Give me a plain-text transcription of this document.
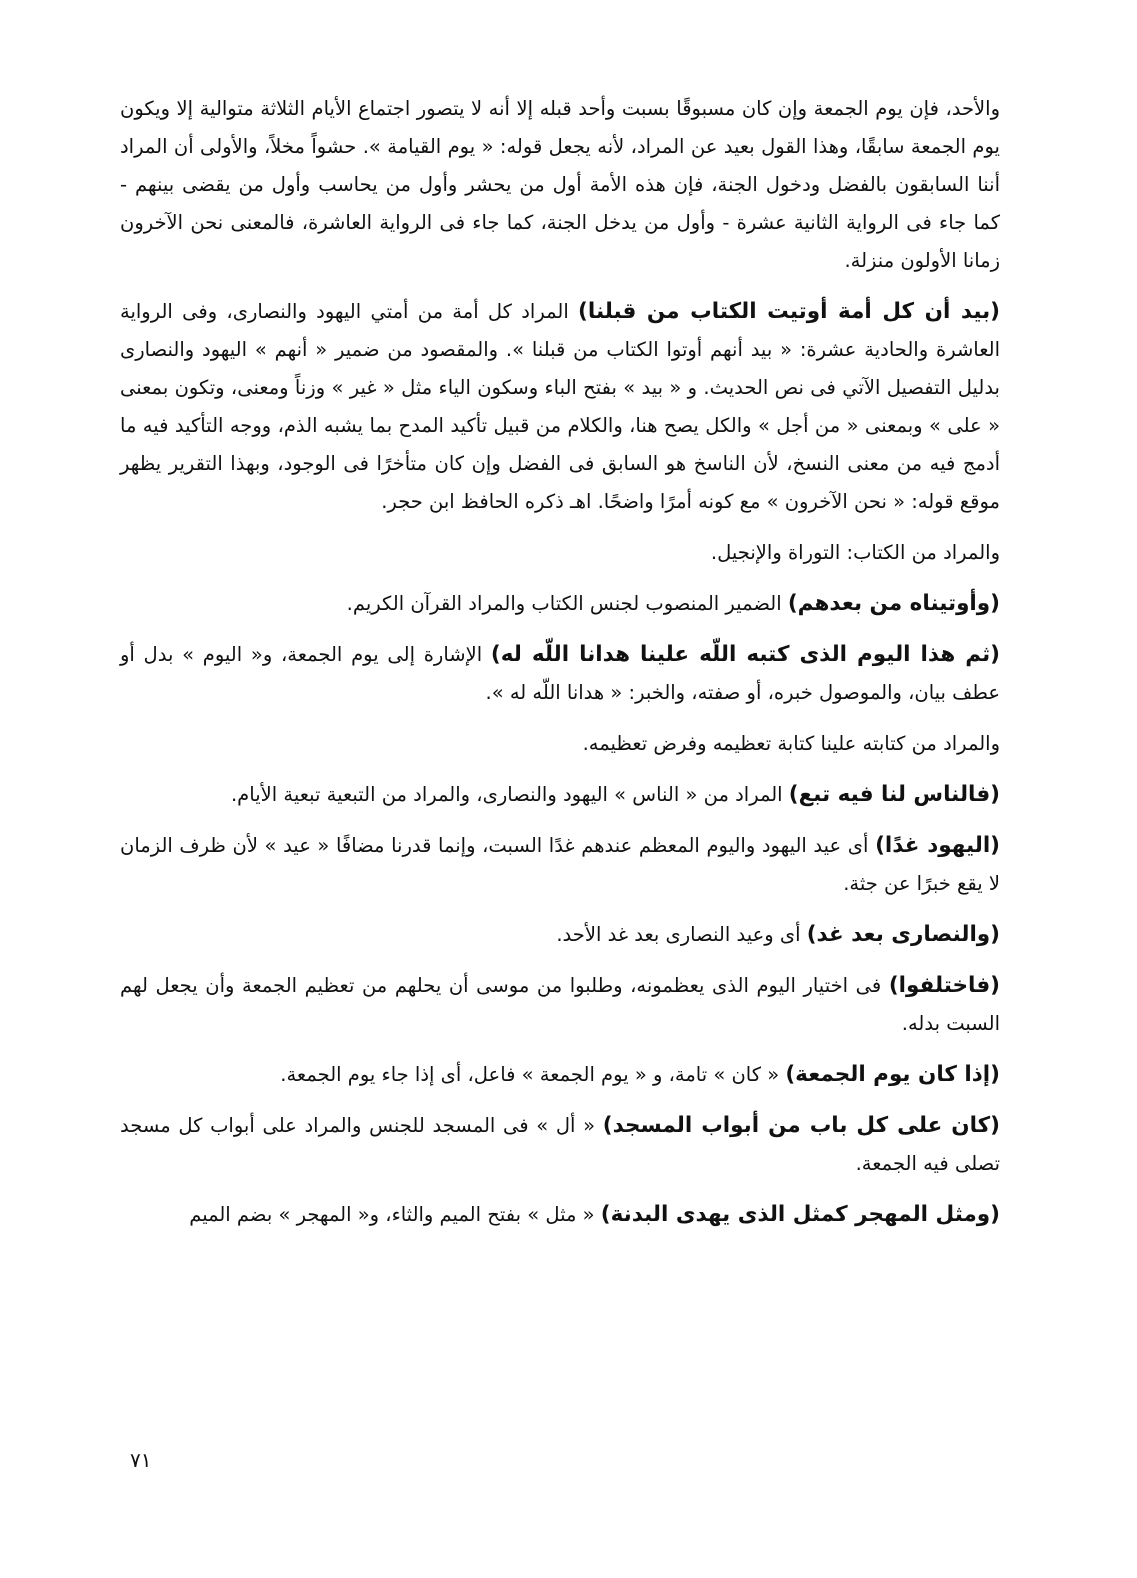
والأحد، فإن يوم الجمعة وإن كان مسبوقًا بسبت وأحد قبله إلا أنه لا يتصور اجتماع الأيام الثلاثة متوالية إلا ويكون يوم الجمعة سابقًا، وهذا القول بعيد عن المراد، لأنه يجعل قوله: « يوم القيامة ». حشواً مخلاً، والأولى أن المراد أننا السابقون بالفضل ودخول الجنة، فإن هذه الأمة أول من يحشر وأول من يحاسب وأول من يقضى بينهم - كما جاء فى الرواية الثانية عشرة - وأول من يدخل الجنة، كما جاء فى الرواية العاشرة، فالمعنى نحن الآخرون زمانا الأولون منزلة.

(بيد أن كل أمة أوتيت الكتاب من قبلنا) المراد كل أمة من أمتي اليهود والنصارى، وفى الرواية العاشرة والحادية عشرة: « بيد أنهم أوتوا الكتاب من قبلنا ». والمقصود من ضمير « أنهم » اليهود والنصارى بدليل التفصيل الآتي فى نص الحديث. و « بيد » بفتح الباء وسكون الياء مثل « غير » وزناً ومعنى، وتكون بمعنى « على » وبمعنى « من أجل » والكل يصح هنا، والكلام من قبيل تأكيد المدح بما يشبه الذم، ووجه التأكيد فيه ما أدمج فيه من معنى النسخ، لأن الناسخ هو السابق فى الفضل وإن كان متأخرًا فى الوجود، وبهذا التقرير يظهر موقع قوله: « نحن الآخرون » مع كونه أمرًا واضحًا. اهـ ذكره الحافظ ابن حجر.

والمراد من الكتاب: التوراة والإنجيل.

(وأوتيناه من بعدهم) الضمير المنصوب لجنس الكتاب والمراد القرآن الكريم.

(ثم هذا اليوم الذى كتبه اللّه علينا هدانا اللّه له) الإشارة إلى يوم الجمعة، و« اليوم » بدل أو عطف بيان، والموصول خبره، أو صفته، والخبر: « هدانا اللّه له ».

والمراد من كتابته علينا كتابة تعظيمه وفرض تعظيمه.

(فالناس لنا فيه تبع) المراد من « الناس » اليهود والنصارى، والمراد من التبعية تبعية الأيام.

(اليهود غدًا) أى عيد اليهود واليوم المعظم عندهم غدًا السبت، وإنما قدرنا مضافًا « عيد » لأن ظرف الزمان لا يقع خبرًا عن جثة.

(والنصارى بعد غد) أى وعيد النصارى بعد غد الأحد.

(فاختلفوا) فى اختيار اليوم الذى يعظمونه، وطلبوا من موسى أن يحلهم من تعظيم الجمعة وأن يجعل لهم السبت بدله.

(إذا كان يوم الجمعة) « كان » تامة، و « يوم الجمعة » فاعل، أى إذا جاء يوم الجمعة.

(كان على كل باب من أبواب المسجد) « أل » فى المسجد للجنس والمراد على أبواب كل مسجد تصلى فيه الجمعة.

(ومثل المهجر كمثل الذى يهدى البدنة) « مثل » بفتح الميم والثاء، و« المهجر » بضم الميم

٧١
